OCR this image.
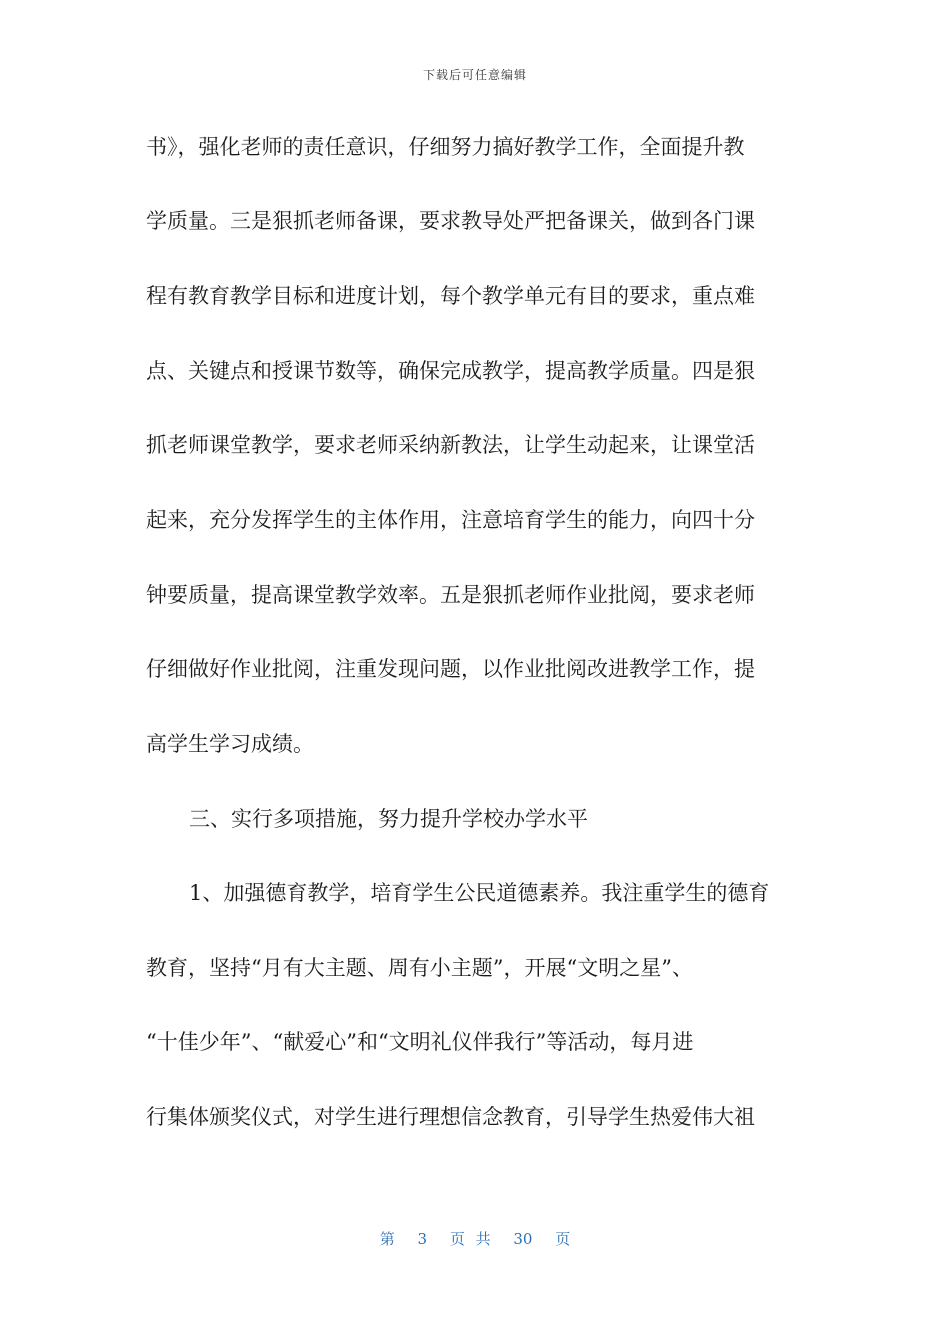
下载后可任意编辑
书》，强化老师的责任意识，仔细努力搞好教学工作，全面提升教
学质量。三是狠抓老师备课，要求教导处严把备课关，做到各门课
程有教育教学目标和进度计划，每个教学单元有目的要求，重点难
点、关键点和授课节数等，确保完成教学，提高教学质量。四是狠
抓老师课堂教学，要求老师采纳新教法，让学生动起来，让课堂活
起来，充分发挥学生的主体作用，注意培育学生的能力，向四十分
钟要质量，提高课堂教学效率。五是狠抓老师作业批阅，要求老师
仔细做好作业批阅，注重发现问题，以作业批阅改进教学工作，提
高学生学习成绩。
三、实行多项措施，努力提升学校办学水平
1、加强德育教学，培育学生公民道德素养。我注重学生的德育
教育，坚持“月有大主题、周有小主题”，开展“文明之星”、
“十佳少年”、“献爱心”和“文明礼仪伴我行”等活动，每月进
行集体颁奖仪式，对学生进行理想信念教育，引导学生热爱伟大祖
第 3 页 共 30 页
